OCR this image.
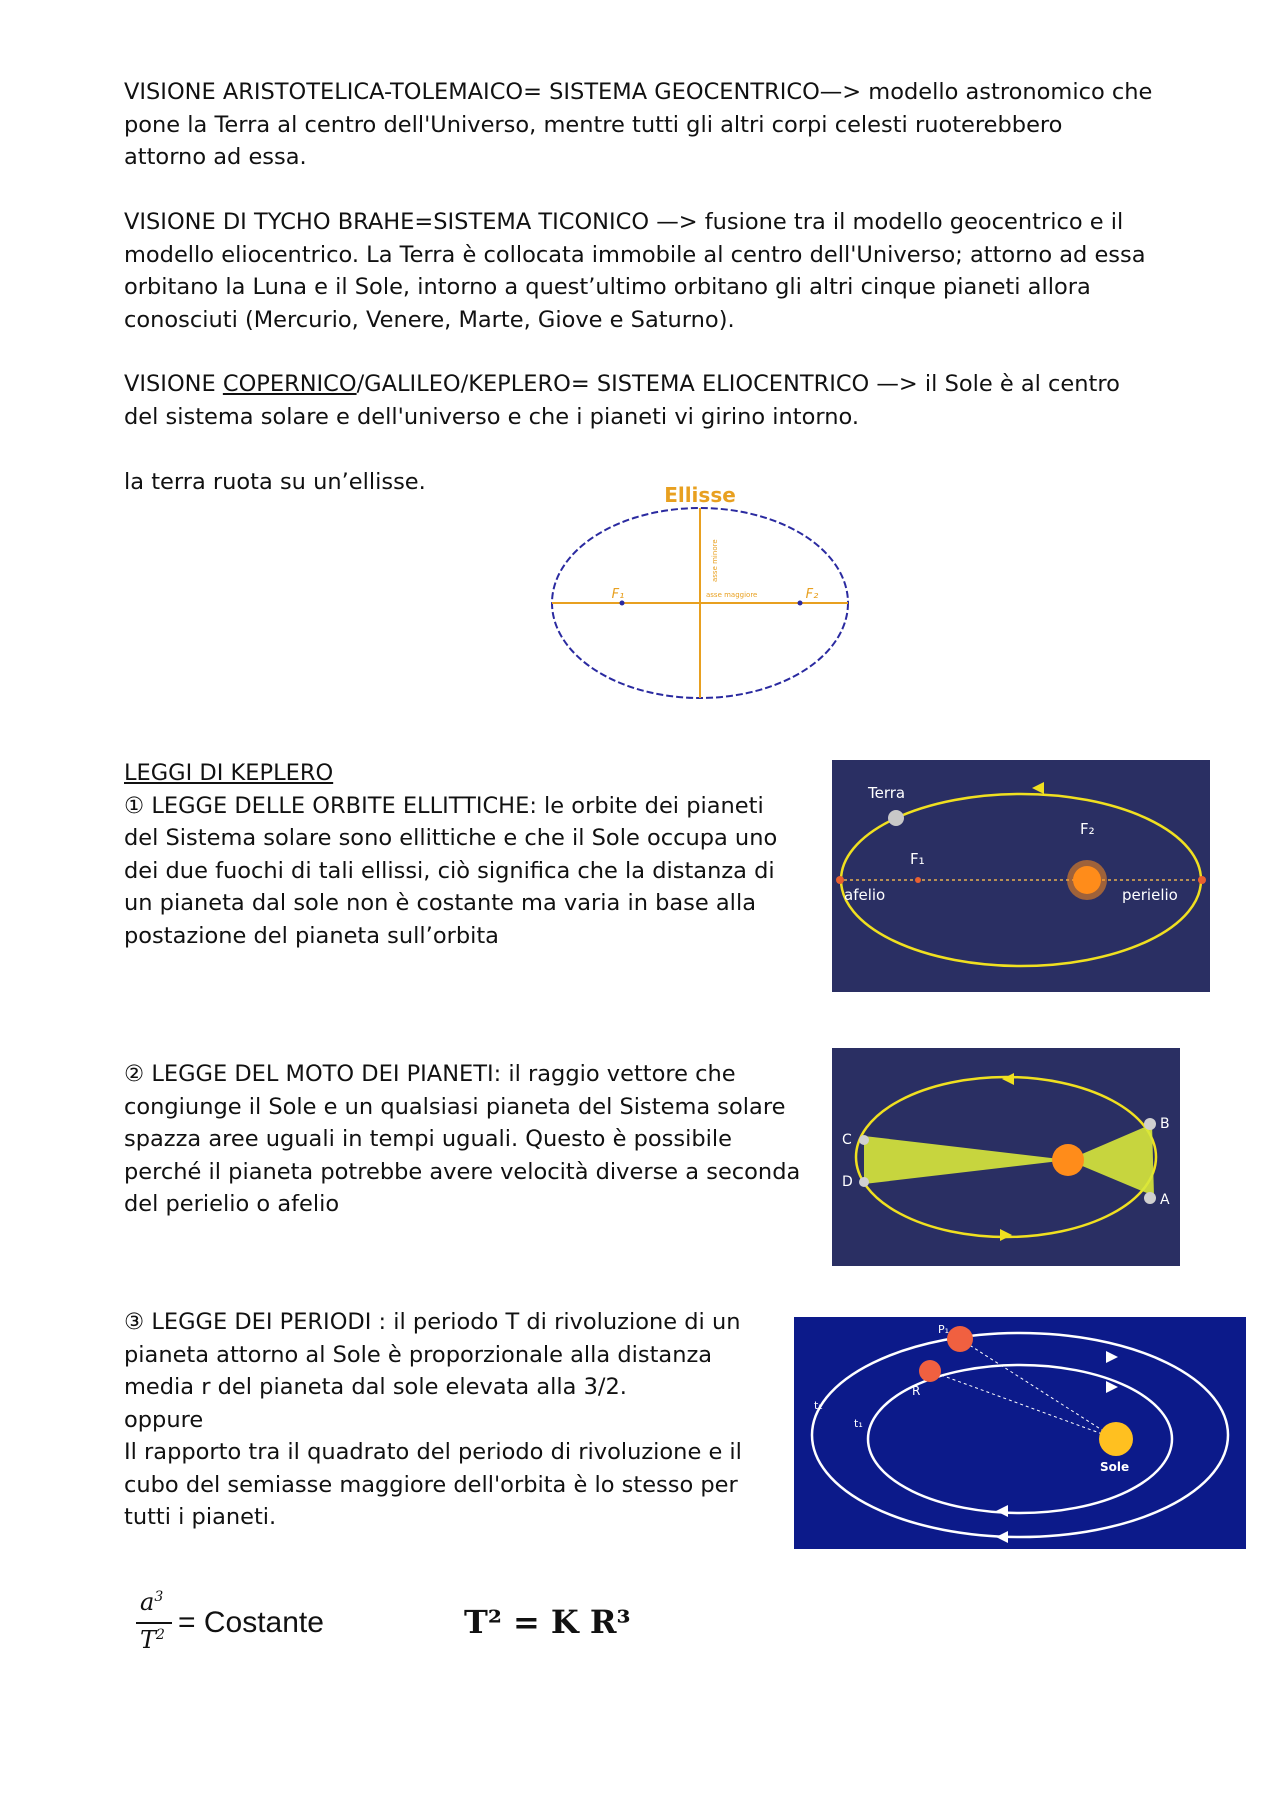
VISIONE ARISTOTELICA-TOLEMAICO= SISTEMA GEOCENTRICO—> modello astronomico che
pone la Terra al centro dell'Universo, mentre tutti gli altri corpi celesti ruoterebbero
attorno ad essa.
VISIONE DI TYCHO BRAHE=SISTEMA TICONICO —> fusione tra il modello geocentrico e il
modello eliocentrico. La Terra è collocata immobile al centro dell'Universo; attorno ad essa
orbitano la Luna e il Sole, intorno a quest’ultimo orbitano gli altri cinque pianeti allora
conosciuti (Mercurio, Venere, Marte, Giove e Saturno).
VISIONE COPERNICO/GALILEO/KEPLERO= SISTEMA ELIOCENTRICO —> il Sole è al centro
del sistema solare e dell'universo e che i pianeti vi girino intorno.
la terra ruota su un’ellisse.	Ellisse
F₁	F₂
asse maggiore
asse minore
LEGGI DI KEPLERO
① LEGGE DELLE ORBITE ELLITTICHE: le orbite dei pianeti
del Sistema solare sono ellittiche e che il Sole occupa uno
dei due fuochi di tali ellissi, ciò significa che la distanza di
un pianeta dal sole non è costante ma varia in base alla
postazione del pianeta sull’orbita
Terra
F₁
F₂
afelio	perielio
② LEGGE DEL MOTO DEI PIANETI: il raggio vettore che
congiunge il Sole e un qualsiasi pianeta del Sistema solare
spazza aree uguali in tempi uguali. Questo è possibile
perché il pianeta potrebbe avere velocità diverse a seconda
del perielio o afelio
C
D
B
A
③ LEGGE DEI PERIODI : il periodo T di rivoluzione di un
pianeta attorno al Sole è proporzionale alla distanza
media r del pianeta dal sole elevata alla 3/2.
oppure
Il rapporto tra il quadrato del periodo di rivoluzione e il
cubo del semiasse maggiore dell'orbita è lo stesso per
tutti i pianeti.
P₁
R
t₂
t₁
Sole
$a^3$
$T^2$ = Costante	T² = K R³
